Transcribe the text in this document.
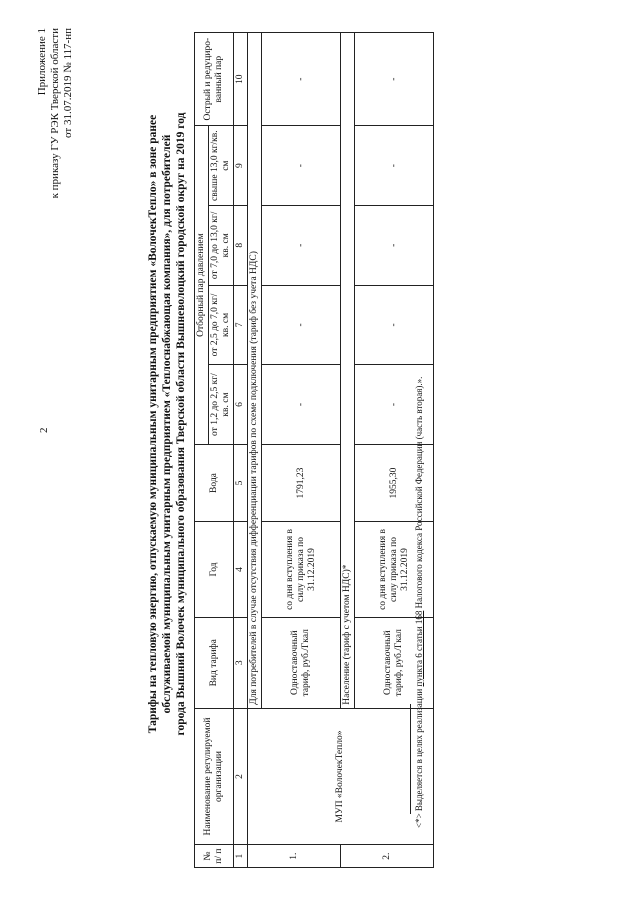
2
Приложение 1 к приказу ГУ РЭК Тверской области от 31.07.2019 № 117-нп
Тарифы на тепловую энергию, отпускаемую муниципальным унитарным предприятием «ВолочекТепло» в зоне ранее обслуживаемой муниципальным унитарным предприятием «Теплоснабжающая компания», для потребителей города Вышний Волочек муниципального образования Тверской области Вышневолоцкий городской округ на 2019 год
№ п/ п	Наименование регулируемой организации	Вид тарифа	Год	Вода	Отборный пар давлением				Острый и редуциро-ванный пар
					от 1,2 до 2,5 кг/кв. см	от 2,5 до 7,0 кг/кв. см	от 7,0 до 13,0 кг/кв. см	свыше 13,0 кг/кв. см	
1	2	3	4	5	6	7	8	9	10
1.	МУП «ВолочекТепло»	Для потребителей в случае отсутствия дифференциации тарифов по схеме подключения (тариф без учета НДС)							
		Одноставочный тариф, руб./Гкал	со дня вступления в силу приказа по 31.12.2019	1791,23	-	-	-	-	-
2.		Население (тариф с учетом НДС)*							
		Одноставочный тариф, руб./Гкал	со дня вступления в силу приказа по 31.12.2019	1955,30	-	-	-	-	-
<*> Выделяется в целях реализации пункта 6 статьи 168 Налогового кодекса Российской Федерации (часть вторая).».
